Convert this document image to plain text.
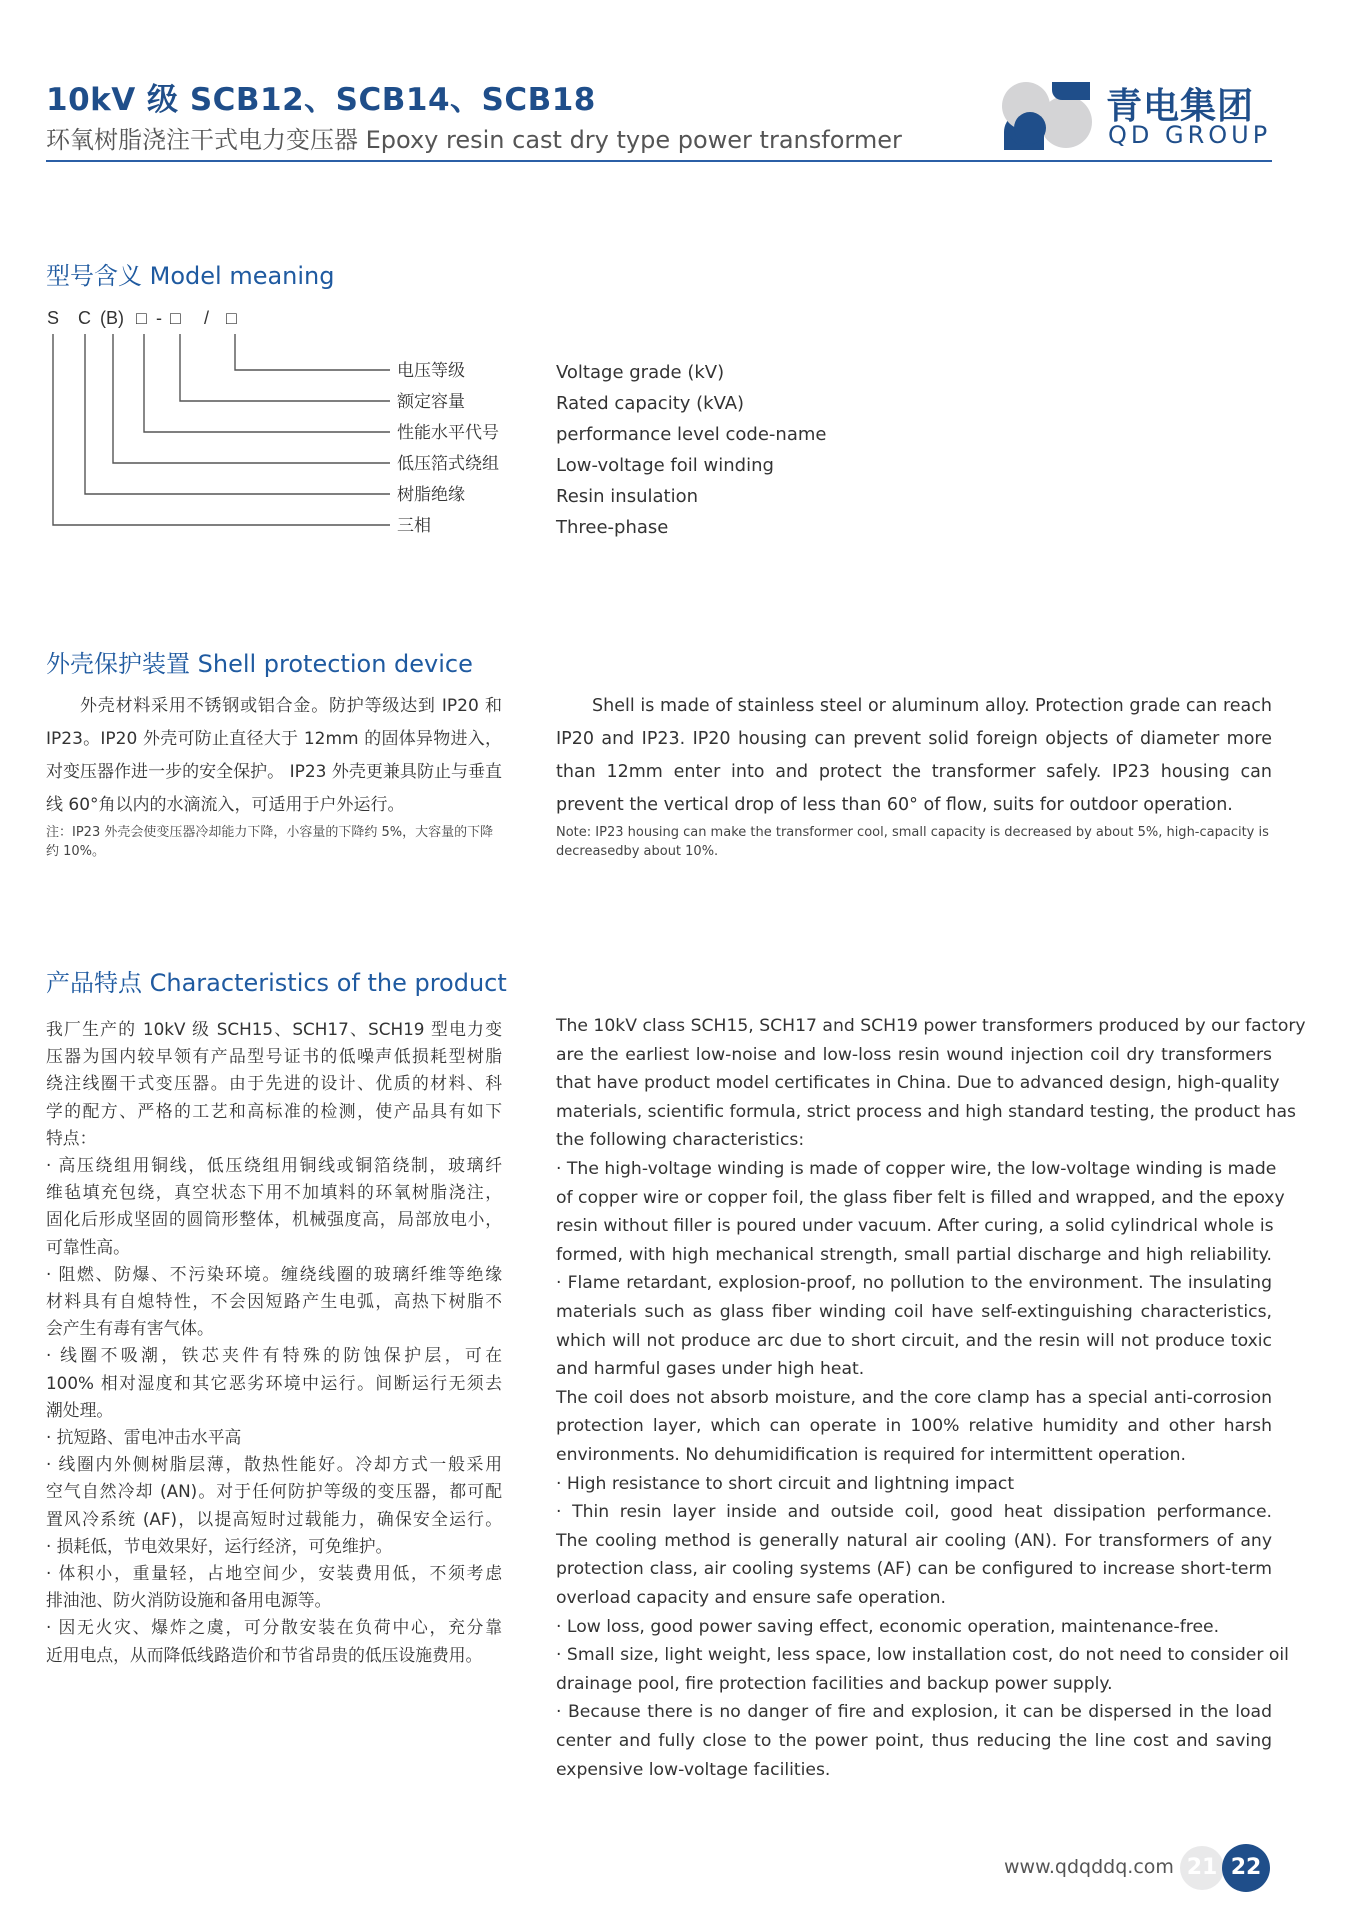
10kV 级 SCB12、SCB14、SCB18
环氧树脂浇注干式电力变压器 Epoxy resin cast dry type power transformer
青电集团
QD GROUP
型号含义 Model meaning
S C (B) □ - □ / □
电压等级
额定容量
性能水平代号
低压箔式绕组
树脂绝缘
三相
Voltage grade (kV)
Rated capacity (kVA)
performance level code-name
Low-voltage foil winding
Resin insulation
Three-phase
外壳保护装置 Shell protection device
外壳材料采用不锈钢或铝合金。防护等级达到 IP20 和 IP23。IP20 外壳可防止直径大于 12mm 的固体异物进入，对变压器作进一步的安全保护。 IP23 外壳更兼具防止与垂直线 60°角以内的水滴流入，可适用于户外运行。
注：IP23 外壳会使变压器冷却能力下降，小容量的下降约 5%，大容量的下降约 10%。
Shell is made of stainless steel or aluminum alloy. Protection grade can reach IP20 and IP23. IP20 housing can prevent solid foreign objects of diameter more than 12mm enter into and protect the transformer safely. IP23 housing can prevent the vertical drop of less than 60° of flow, suits for outdoor operation.
Note: IP23 housing can make the transformer cool, small capacity is decreased by about 5%, high-capacity is decreasedby about 10%.
产品特点 Characteristics of the product
我厂生产的 10kV 级 SCH15、SCH17、SCH19 型电力变
压器为国内较早领有产品型号证书的低噪声低损耗型树脂
绕注线圈干式变压器。由于先进的设计、优质的材料、科
学的配方、严格的工艺和高标准的检测，使产品具有如下
特点：
· 高压绕组用铜线，低压绕组用铜线或铜箔绕制，玻璃纤
维毡填充包绕，真空状态下用不加填料的环氧树脂浇注，
固化后形成坚固的圆筒形整体，机械强度高，局部放电小，
可靠性高。
· 阻燃、防爆、不污染环境。缠绕线圈的玻璃纤维等绝缘
材料具有自熄特性，不会因短路产生电弧，高热下树脂不
会产生有毒有害气体。
· 线圈不吸潮，铁芯夹件有特殊的防蚀保护层，可在
100% 相对湿度和其它恶劣环境中运行。间断运行无须去
潮处理。
· 抗短路、雷电冲击水平高
· 线圈内外侧树脂层薄，散热性能好。冷却方式一般采用
空气自然冷却 (AN)。对于任何防护等级的变压器，都可配
置风冷系统 (AF)，以提高短时过载能力，确保安全运行。
· 损耗低，节电效果好，运行经济，可免维护。
· 体积小，重量轻，占地空间少，安装费用低，不须考虑
排油池、防火消防设施和备用电源等。
· 因无火灾、爆炸之虞，可分散安装在负荷中心，充分靠
近用电点，从而降低线路造价和节省昂贵的低压设施费用。
The 10kV class SCH15, SCH17 and SCH19 power transformers produced by our factory
are the earliest low-noise and low-loss resin wound injection coil dry transformers
that have product model certificates in China. Due to advanced design, high-quality
materials, scientific formula, strict process and high standard testing, the product has
the following characteristics:
· The high-voltage winding is made of copper wire, the low-voltage winding is made
of copper wire or copper foil, the glass fiber felt is filled and wrapped, and the epoxy
resin without filler is poured under vacuum. After curing, a solid cylindrical whole is
formed, with high mechanical strength, small partial discharge and high reliability.
· Flame retardant, explosion-proof, no pollution to the environment. The insulating
materials such as glass fiber winding coil have self-extinguishing characteristics,
which will not produce arc due to short circuit, and the resin will not produce toxic
and harmful gases under high heat.
The coil does not absorb moisture, and the core clamp has a special anti-corrosion
protection layer, which can operate in 100% relative humidity and other harsh
environments. No dehumidification is required for intermittent operation.
· High resistance to short circuit and lightning impact
· Thin resin layer inside and outside coil, good heat dissipation performance.
The cooling method is generally natural air cooling (AN). For transformers of any
protection class, air cooling systems (AF) can be configured to increase short-term
overload capacity and ensure safe operation.
· Low loss, good power saving effect, economic operation, maintenance-free.
· Small size, light weight, less space, low installation cost, do not need to consider oil
drainage pool, fire protection facilities and backup power supply.
· Because there is no danger of fire and explosion, it can be dispersed in the load
center and fully close to the power point, thus reducing the line cost and saving
expensive low-voltage facilities.
www.qdqddq.com 21 22
